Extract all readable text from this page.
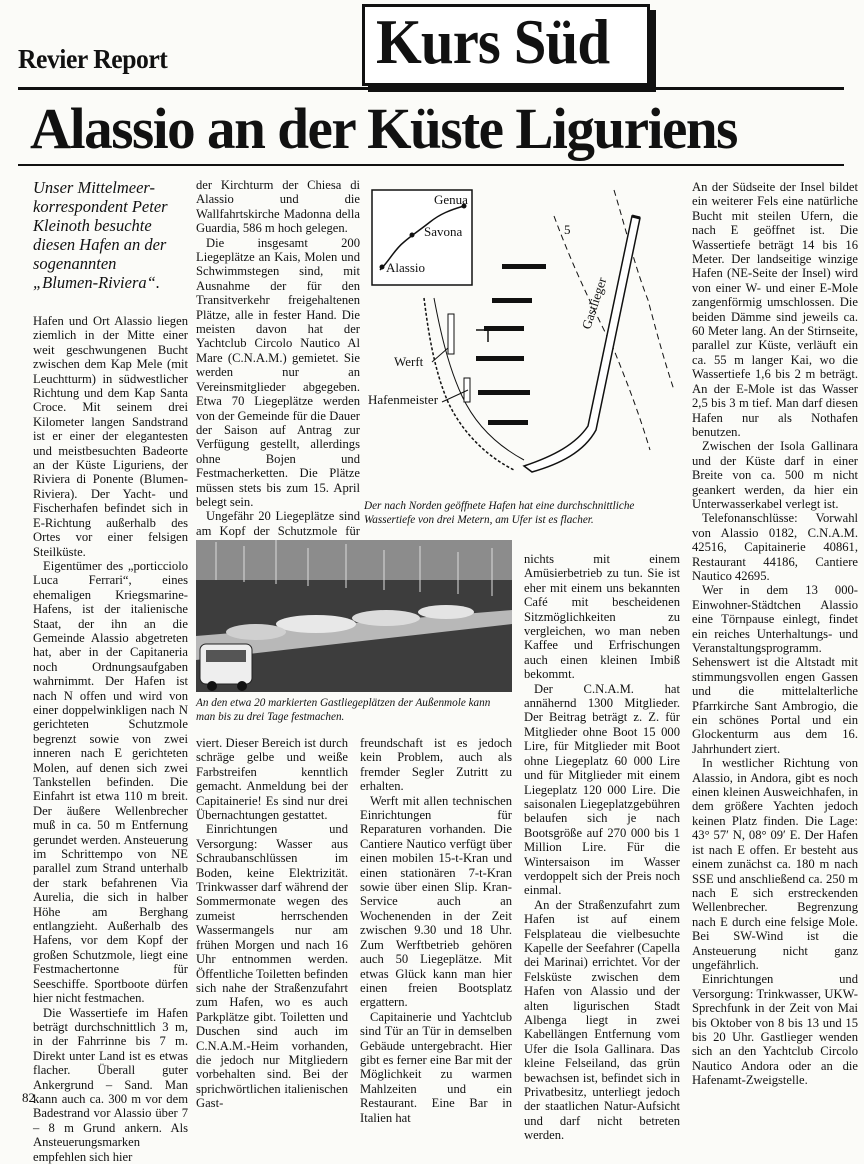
Revier Report	Kurs Süd
Alassio an der Küste Liguriens
Unser Mittelmeer-korrespondent Peter Kleinoth besuchte diesen Hafen an der sogenannten „Blumen-Riviera“.

Hafen und Ort Alassio liegen ziemlich in der Mitte einer weit geschwungenen Bucht zwischen dem Kap Mele (mit Leuchtturm) in südwestlicher Richtung und dem Kap Santa Croce. Mit seinem drei Kilometer langen Sandstrand ist er einer der elegantesten und meistbesuchten Badeorte an der Küste Liguriens, der Riviera di Ponente (Blumen-Riviera). Der Yacht- und Fischerhafen befindet sich in E-Richtung außerhalb des Ortes vor einer felsigen Steilküste.

Eigentümer des „porticciolo Luca Ferrari“, eines ehemaligen Kriegsmarine-Hafens, ist der italienische Staat, der ihn an die Gemeinde Alassio abgetreten hat, aber in der Capitaneria noch Ordnungsaufgaben wahrnimmt. Der Hafen ist nach N offen und wird von einer doppelwinkligen nach N gerichteten Schutzmole begrenzt sowie von zwei inneren nach E gerichteten Molen, auf denen sich zwei Tankstellen befinden. Die Einfahrt ist etwa 110 m breit. Der äußere Wellenbrecher muß in ca. 50 m Entfernung gerundet werden. Ansteuerung im Schrittempo von NE parallel zum Strand unterhalb der stark befahrenen Via Aurelia, die sich in halber Höhe am Berghang entlangzieht. Außerhalb des Hafens, vor dem Kopf der großen Schutzmole, liegt eine Festmachertonne für Seeschiffe. Sportboote dürfen hier nicht festmachen.

Die Wassertiefe im Hafen beträgt durchschnittlich 3 m, in der Fahrrinne bis 7 m. Direkt unter Land ist es etwas flacher. Überall guter Ankergrund – Sand. Man kann auch ca. 300 m vor dem Badestrand vor Alassio über 7 – 8 m Grund ankern. Als Ansteuerungsmarken empfehlen sich hier

der Kirchturm der Chiesa di Alassio und die Wallfahrtskirche Madonna della Guardia, 586 m hoch gelegen.

Die insgesamt 200 Liegeplätze an Kais, Molen und Schwimmstegen sind, mit Ausnahme der für den Transitverkehr freigehaltenen Plätze, alle in fester Hand. Die meisten davon hat der Yachtclub Circolo Nautico Al Mare (C.N.A.M.) gemietet. Sie werden nur an Vereinsmitglieder abgegeben. Etwa 70 Liegeplätze werden von der Gemeinde für die Dauer der Saison auf Antrag zur Verfügung gestellt, allerdings ohne Bojen und Festmacherketten. Die Plätze müssen stets bis zum 15. April belegt sein.

Ungefähr 20 Liegeplätze sind am Kopf der Schutzmole für

Genua
Savona
Alassio
5
Gastlieger
Werft
Hafenmeister
Der nach Norden geöffnete Hafen hat eine durchschnittliche Wassertiefe von drei Metern, am Ufer ist es flacher.
An den etwa 20 markierten Gastliegeplätzen der Außenmole kann man bis zu drei Tage festmachen.

viert. Dieser Bereich ist durch schräge gelbe und weiße Farbstreifen kenntlich gemacht. Anmeldung bei der Capitainerie! Es sind nur drei Übernachtungen gestattet.

Einrichtungen und Versorgung: Wasser aus Schraubanschlüssen im Boden, keine Elektrizität. Trinkwasser darf während der Sommermonate wegen des zumeist herrschenden Wassermangels nur am frühen Morgen und nach 16 Uhr entnommen werden. Öffentliche Toiletten befinden sich nahe der Straßenzufahrt zum Hafen, wo es auch Parkplätze gibt. Toiletten und Duschen sind auch im C.N.A.M.-Heim vorhanden, die jedoch nur Mitgliedern vorbehalten sind. Bei der sprichwörtlichen italienischen Gast-

freundschaft ist es jedoch kein Problem, auch als fremder Segler Zutritt zu erhalten.

Werft mit allen technischen Einrichtungen für Reparaturen vorhanden. Die Cantiere Nautico verfügt über einen mobilen 15-t-Kran und einen stationären 7-t-Kran sowie über einen Slip. Kran-Service auch an Wochenenden in der Zeit zwischen 9.30 und 18 Uhr. Zum Werftbetrieb gehören auch 50 Liegeplätze. Mit etwas Glück kann man hier einen freien Bootsplatz ergattern.

Capitainerie und Yachtclub sind Tür an Tür in demselben Gebäude untergebracht. Hier gibt es ferner eine Bar mit der Möglichkeit zu warmen Mahlzeiten und ein Restaurant. Eine Bar in Italien hat

nichts mit einem Amüsierbetrieb zu tun. Sie ist eher mit einem uns bekannten Café mit bescheidenen Sitzmöglichkeiten zu vergleichen, wo man neben Kaffee und Erfrischungen auch einen kleinen Imbiß bekommt.

Der C.N.A.M. hat annähernd 1300 Mitglieder. Der Beitrag beträgt z. Z. für Mitglieder ohne Boot 15 000 Lire, für Mitglieder mit Boot ohne Liegeplatz 60 000 Lire und für Mitglieder mit einem Liegeplatz 120 000 Lire. Die saisonalen Liegeplatzgebühren belaufen sich je nach Bootsgröße auf 270 000 bis 1 Million Lire. Für die Wintersaison im Wasser verdoppelt sich der Preis noch einmal.

An der Straßenzufahrt zum Hafen ist auf einem Felsplateau die vielbesuchte Kapelle der Seefahrer (Capella dei Marinai) errichtet. Vor der Felsküste zwischen dem Hafen von Alassio und der alten ligurischen Stadt Albenga liegt in zwei Kabellängen Entfernung vom Ufer die Isola Gallinara. Das kleine Felseiland, das grün bewachsen ist, befindet sich in Privatbesitz, unterliegt jedoch der staatlichen Natur-Aufsicht und darf nicht betreten werden.

An der Südseite der Insel bildet ein weiterer Fels eine natürliche Bucht mit steilen Ufern, die nach E geöffnet ist. Die Wassertiefe beträgt 14 bis 16 Meter. Der landseitige winzige Hafen (NE-Seite der Insel) wird von einer W- und einer E-Mole zangenförmig umschlossen. Die beiden Dämme sind jeweils ca. 60 Meter lang. An der Stirnseite, parallel zur Küste, verläuft ein ca. 55 m langer Kai, wo die Wassertiefe 1,6 bis 2 m beträgt. An der E-Mole ist das Wasser 2,5 bis 3 m tief. Man darf diesen Hafen nur als Nothafen benutzen.

Zwischen der Isola Gallinara und der Küste darf in einer Breite von ca. 500 m nicht geankert werden, da hier ein Unterwasserkabel verlegt ist.

Telefonanschlüsse: Vorwahl von Alassio 0182, C.N.A.M. 42516, Capitainerie 40861, Restaurant 44186, Cantiere Nautico 42695.

Wer in dem 13 000-Einwohner-Städtchen Alassio eine Törnpause einlegt, findet ein reiches Unterhaltungs- und Veranstaltungsprogramm. Sehenswert ist die Altstadt mit stimmungsvollen engen Gassen und die mittelalterliche Pfarrkirche Sant Ambrogio, die ein schönes Portal und ein Glockenturm aus dem 16. Jahrhundert ziert.

In westlicher Richtung von Alassio, in Andora, gibt es noch einen kleinen Ausweichhafen, in dem größere Yachten jedoch keinen Platz finden. Die Lage: 43° 57′ N, 08° 09′ E. Der Hafen ist nach E offen. Er besteht aus einem zunächst ca. 180 m nach SSE und anschließend ca. 250 m nach E sich erstreckenden Wellenbrecher. Begrenzung nach E durch eine felsige Mole. Bei SW-Wind ist die Ansteuerung nicht ganz ungefährlich.

Einrichtungen und Versorgung: Trinkwasser, UKW-Sprechfunk in der Zeit von Mai bis Oktober von 8 bis 13 und 15 bis 20 Uhr. Gastlieger wenden sich an den Yachtclub Circolo Nautico Andora oder an die Hafenamt-Zweigstelle.

82
